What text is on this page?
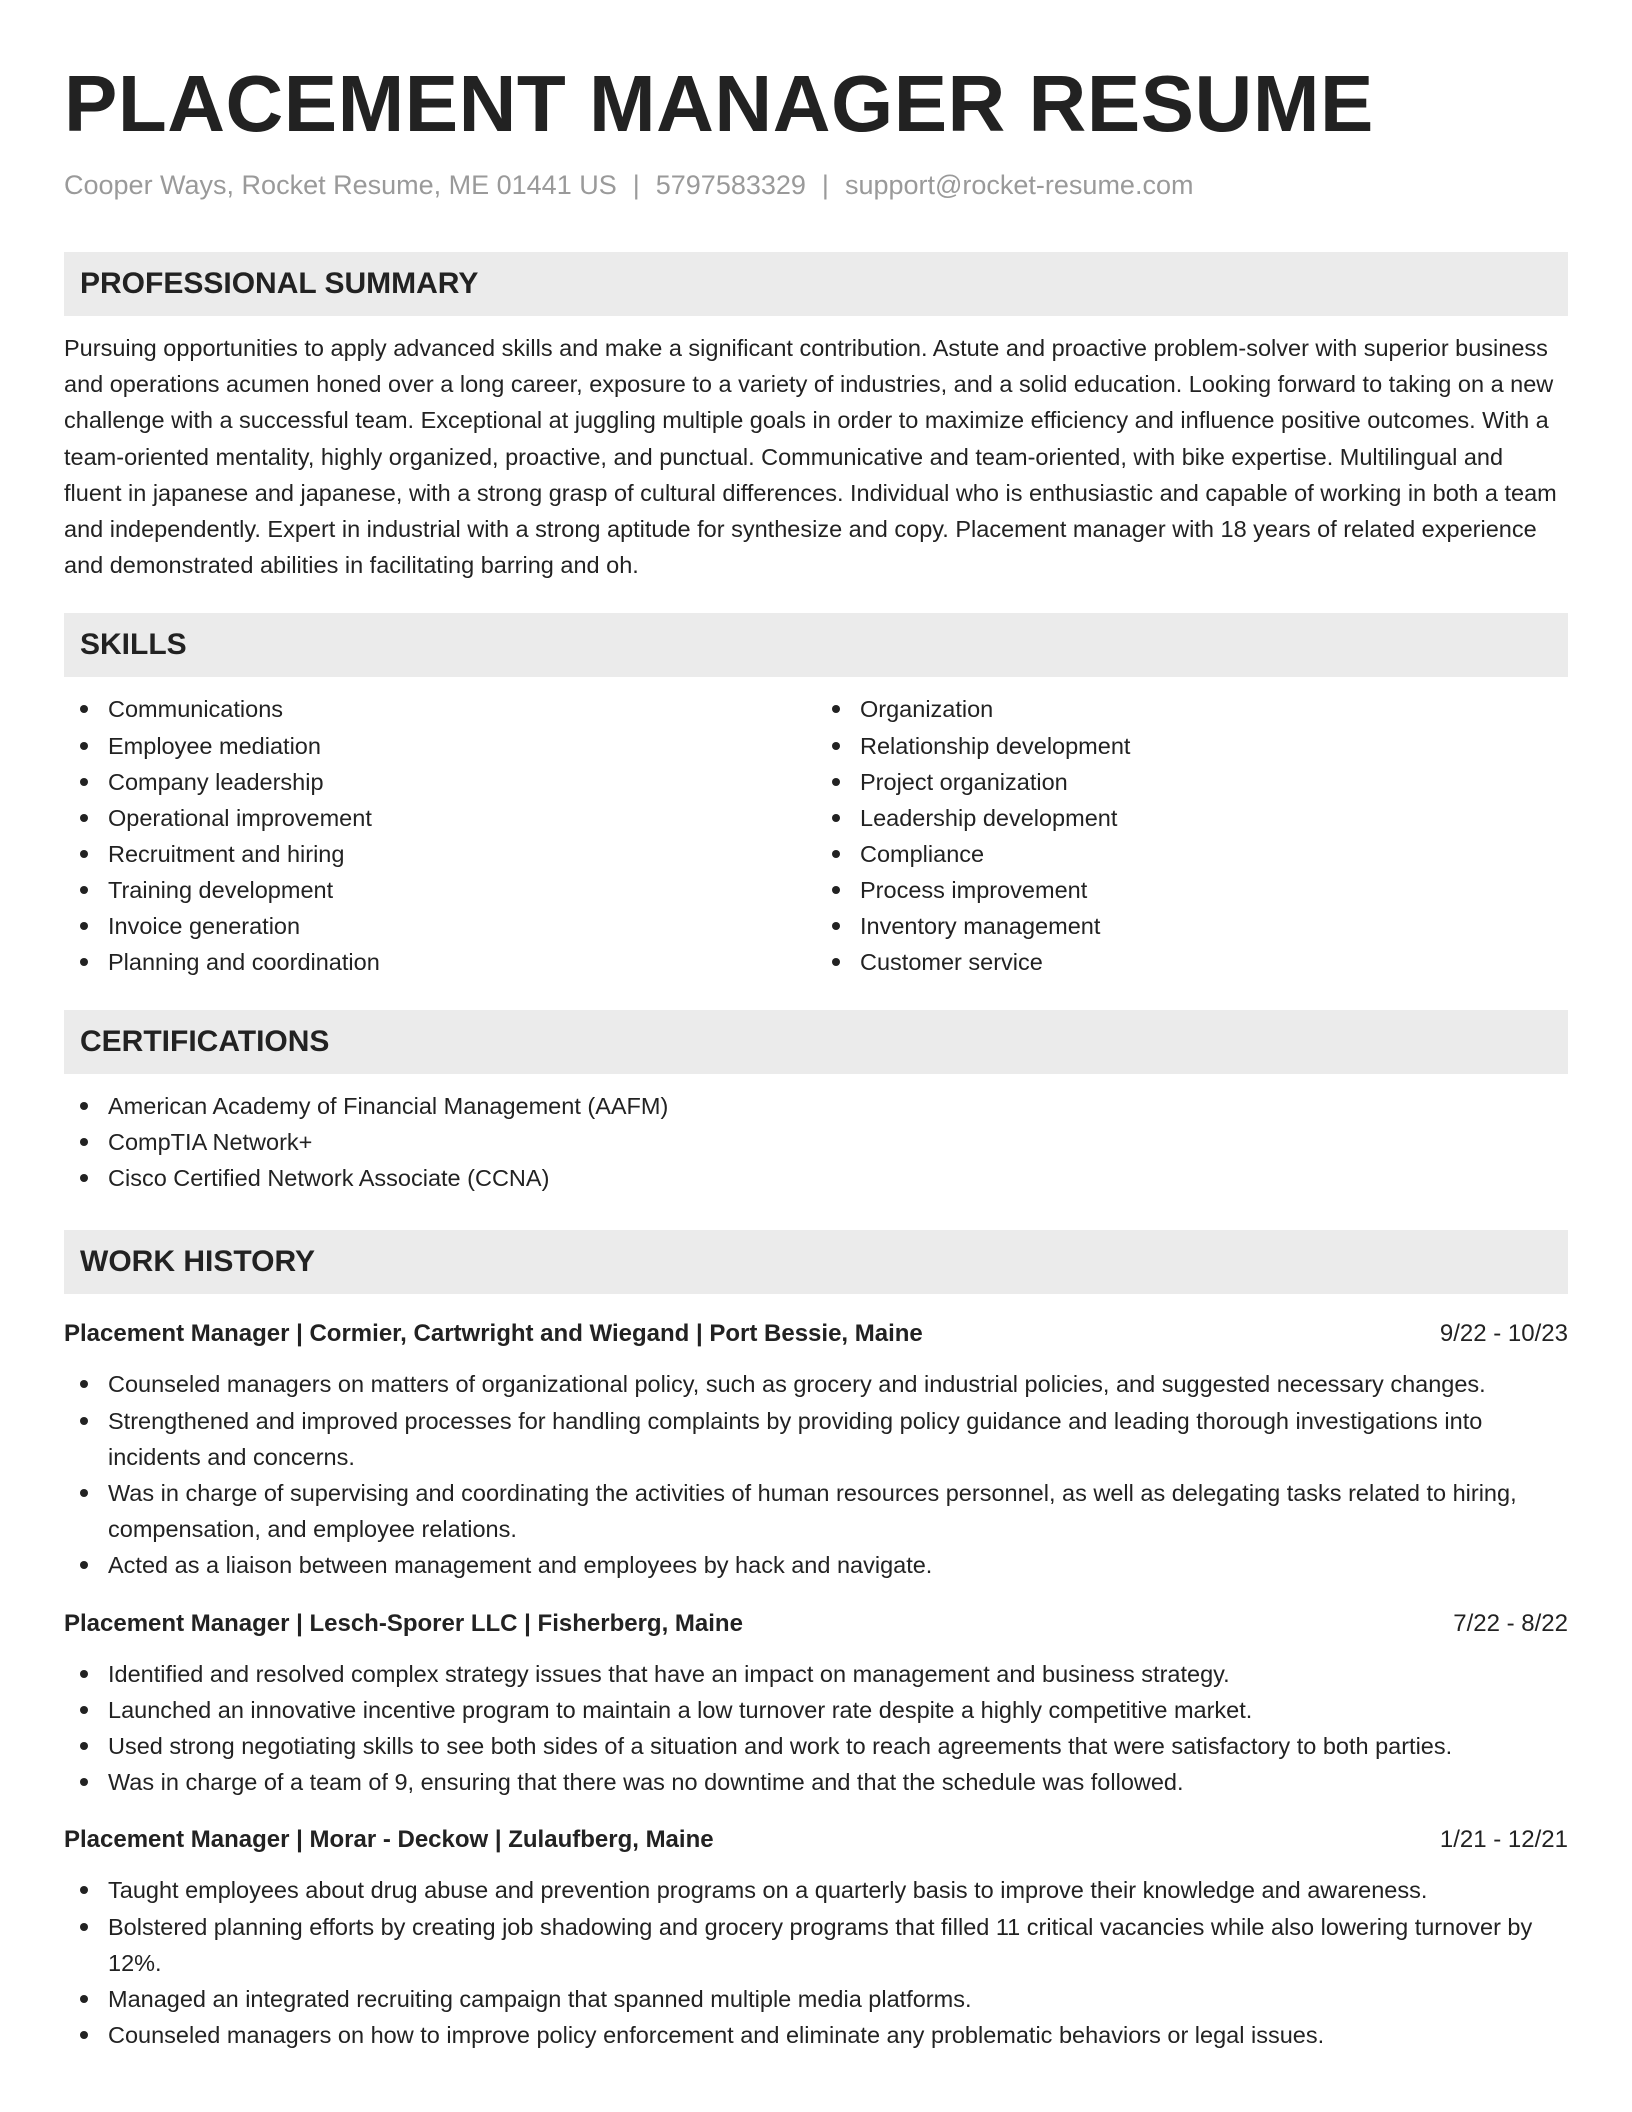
PLACEMENT MANAGER RESUME
Cooper Ways, Rocket Resume, ME 01441 US | 5797583329 | support@rocket-resume.com
PROFESSIONAL SUMMARY

Pursuing opportunities to apply advanced skills and make a significant contribution. Astute and proactive problem-solver with superior business and operations acumen honed over a long career, exposure to a variety of industries, and a solid education. Looking forward to taking on a new challenge with a successful team. Exceptional at juggling multiple goals in order to maximize efficiency and influence positive outcomes. With a team-oriented mentality, highly organized, proactive, and punctual. Communicative and team-oriented, with bike expertise. Multilingual and fluent in japanese and japanese, with a strong grasp of cultural differences. Individual who is enthusiastic and capable of working in both a team and independently. Expert in industrial with a strong aptitude for synthesize and copy. Placement manager with 18 years of related experience and demonstrated abilities in facilitating barring and oh.

SKILLS
Communications
Employee mediation
Company leadership
Operational improvement
Recruitment and hiring
Training development
Invoice generation
Planning and coordination
Organization
Relationship development
Project organization
Leadership development
Compliance
Process improvement
Inventory management
Customer service
CERTIFICATIONS
American Academy of Financial Management (AAFM)
CompTIA Network+
Cisco Certified Network Associate (CCNA)
WORK HISTORY
Placement Manager | Cormier, Cartwright and Wiegand | Port Bessie, Maine	9/22 - 10/23
Counseled managers on matters of organizational policy, such as grocery and industrial policies, and suggested necessary changes.
Strengthened and improved processes for handling complaints by providing policy guidance and leading thorough investigations into incidents and concerns.
Was in charge of supervising and coordinating the activities of human resources personnel, as well as delegating tasks related to hiring, compensation, and employee relations.
Acted as a liaison between management and employees by hack and navigate.
Placement Manager | Lesch-Sporer LLC | Fisherberg, Maine	7/22 - 8/22
Identified and resolved complex strategy issues that have an impact on management and business strategy.
Launched an innovative incentive program to maintain a low turnover rate despite a highly competitive market.
Used strong negotiating skills to see both sides of a situation and work to reach agreements that were satisfactory to both parties.
Was in charge of a team of 9, ensuring that there was no downtime and that the schedule was followed.
Placement Manager | Morar - Deckow | Zulaufberg, Maine	1/21 - 12/21
Taught employees about drug abuse and prevention programs on a quarterly basis to improve their knowledge and awareness.
Bolstered planning efforts by creating job shadowing and grocery programs that filled 11 critical vacancies while also lowering turnover by 12%.
Managed an integrated recruiting campaign that spanned multiple media platforms.
Counseled managers on how to improve policy enforcement and eliminate any problematic behaviors or legal issues.
